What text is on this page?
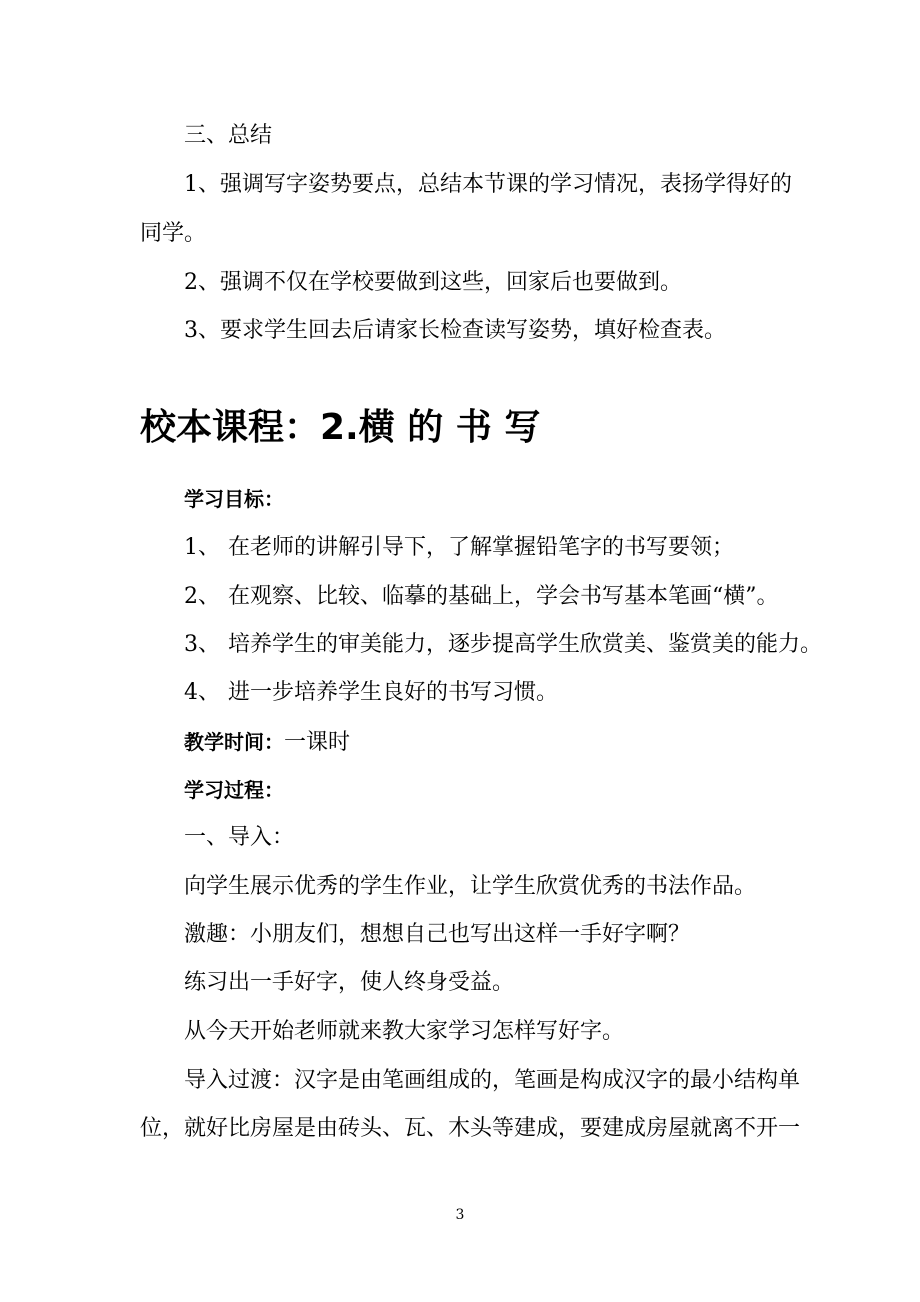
三、总结
1、强调写字姿势要点，总结本节课的学习情况，表扬学得好的
同学。
2、强调不仅在学校要做到这些，回家后也要做到。
3、要求学生回去后请家长检查读写姿势，填好检查表。
校本课程：2.横 的 书 写
学习目标：
1、 在老师的讲解引导下，了解掌握铅笔字的书写要领；
2、 在观察、比较、临摹的基础上，学会书写基本笔画“横”。
3、 培养学生的审美能力，逐步提高学生欣赏美、鉴赏美的能力。
4、 进一步培养学生良好的书写习惯。
教学时间：一课时
学习过程：
一、导入：
向学生展示优秀的学生作业，让学生欣赏优秀的书法作品。
激趣：小朋友们，想想自己也写出这样一手好字啊？
练习出一手好字，使人终身受益。
从今天开始老师就来教大家学习怎样写好字。
导入过渡：汉字是由笔画组成的，笔画是构成汉字的最小结构单
位，就好比房屋是由砖头、瓦、木头等建成，要建成房屋就离不开一
3
